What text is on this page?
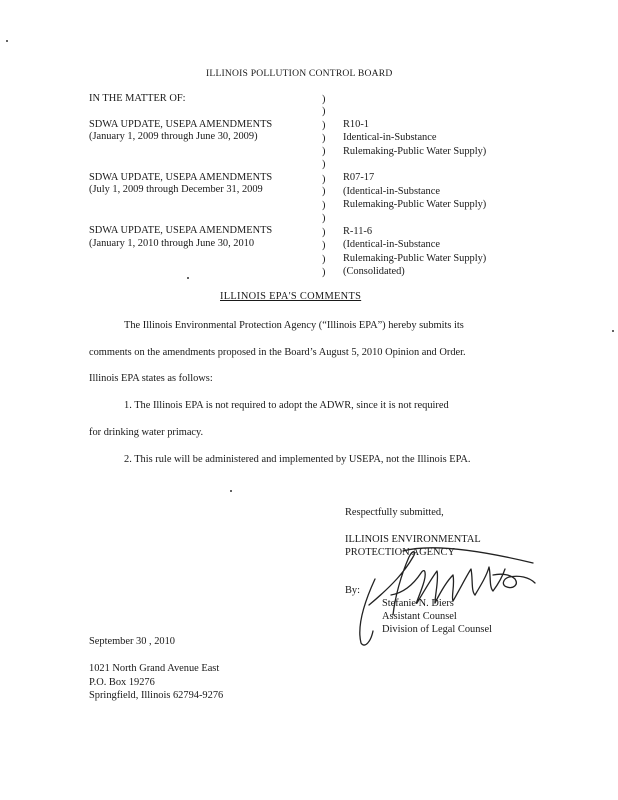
ILLINOIS POLLUTION CONTROL BOARD
IN THE MATTER OF:	)
)
)
)
)
)
)
)
)
)
)
)
)
)
SDWA UPDATE, USEPA AMENDMENTS
(January 1, 2009 through June 30, 2009)
R10-1
Identical-in-Substance
Rulemaking-Public Water Supply)
SDWA UPDATE, USEPA AMENDMENTS
(July 1, 2009 through December 31, 2009
R07-17
(Identical-in-Substance
Rulemaking-Public Water Supply)
SDWA UPDATE, USEPA AMENDMENTS
(January 1, 2010 through June 30, 2010
R-11-6
(Identical-in-Substance
Rulemaking-Public Water Supply)
(Consolidated)
ILLINOIS EPA'S COMMENTS
The Illinois Environmental Protection Agency (“Illinois EPA”) hereby submits its
comments on the amendments proposed in the Board’s August 5, 2010 Opinion and Order.
Illinois EPA states as follows:
1. The Illinois EPA is not required to adopt the ADWR, since it is not required
for drinking water primacy.
2. This rule will be administered and implemented by USEPA, not the Illinois EPA.
Respectfully submitted,
ILLINOIS ENVIRONMENTAL
PROTECTION AGENCY
By:
Stefanie N. Diers
Assistant Counsel
Division of Legal Counsel
September 30 , 2010
1021 North Grand Avenue East
P.O. Box 19276
Springfield, Illinois 62794-9276
